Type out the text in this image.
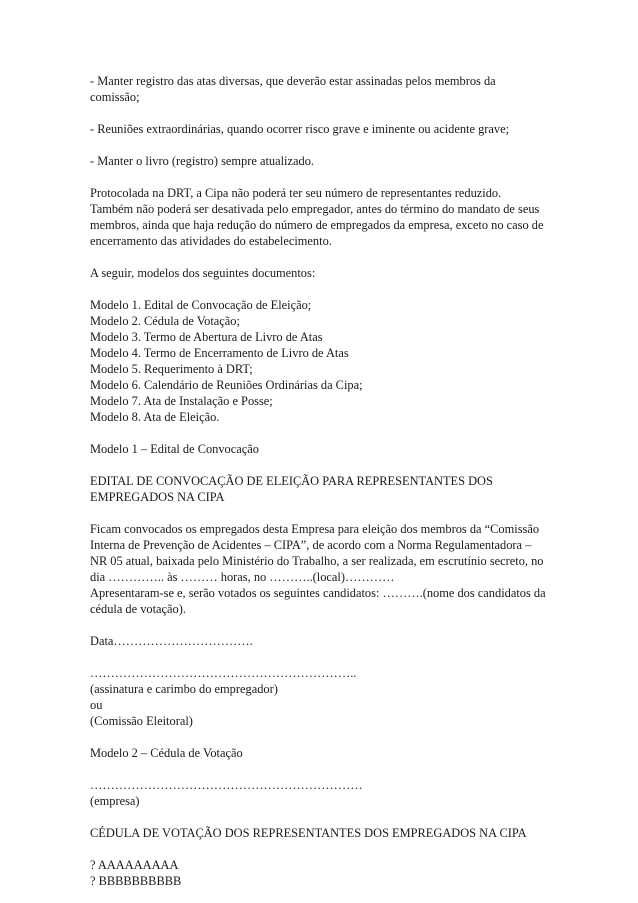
- Manter registro das atas diversas, que deverão estar assinadas pelos membros da
comissão;
- Reuniões extraordinárias, quando ocorrer risco grave e iminente ou acidente grave;
- Manter o livro (registro) sempre atualizado.
Protocolada na DRT, a Cipa não poderá ter seu número de representantes reduzido.
Também não poderá ser desativada pelo empregador, antes do término do mandato de seus
membros, ainda que haja redução do número de empregados da empresa, exceto no caso de
encerramento das atividades do estabelecimento.
A seguir, modelos dos seguintes documentos:
Modelo 1. Edital de Convocação de Eleição;
Modelo 2. Cédula de Votação;
Modelo 3. Termo de Abertura de Livro de Atas
Modelo 4. Termo de Encerramento de Livro de Atas
Modelo 5. Requerimento à DRT;
Modelo 6. Calendário de Reuniões Ordinárias da Cipa;
Modelo 7. Ata de Instalação e Posse;
Modelo 8. Ata de Eleição.
Modelo 1 – Edital de Convocação
EDITAL DE CONVOCAÇÃO DE ELEIÇÃO PARA REPRESENTANTES DOS
EMPREGADOS NA CIPA
Ficam convocados os empregados desta Empresa para eleição dos membros da “Comissão
Interna de Prevenção de Acidentes – CIPA”, de acordo com a Norma Regulamentadora –
NR 05 atual, baixada pelo Ministério do Trabalho, a ser realizada, em escrutínio secreto, no
dia ………….. às ……… horas, no ………..(local)…………
Apresentaram-se e, serão votados os seguintes candidatos: ……….(nome dos candidatos da
cédula de votação).
Data…………………………….
………………………………………………………..
(assinatura e carimbo do empregador)
ou
(Comissão Eleitoral)
Modelo 2 – Cédula de Votação
…………………………………………………………
(empresa)
CÉDULA DE VOTAÇÃO DOS REPRESENTANTES DOS EMPREGADOS NA CIPA
? AAAAAAAAA
? BBBBBBBBBB
